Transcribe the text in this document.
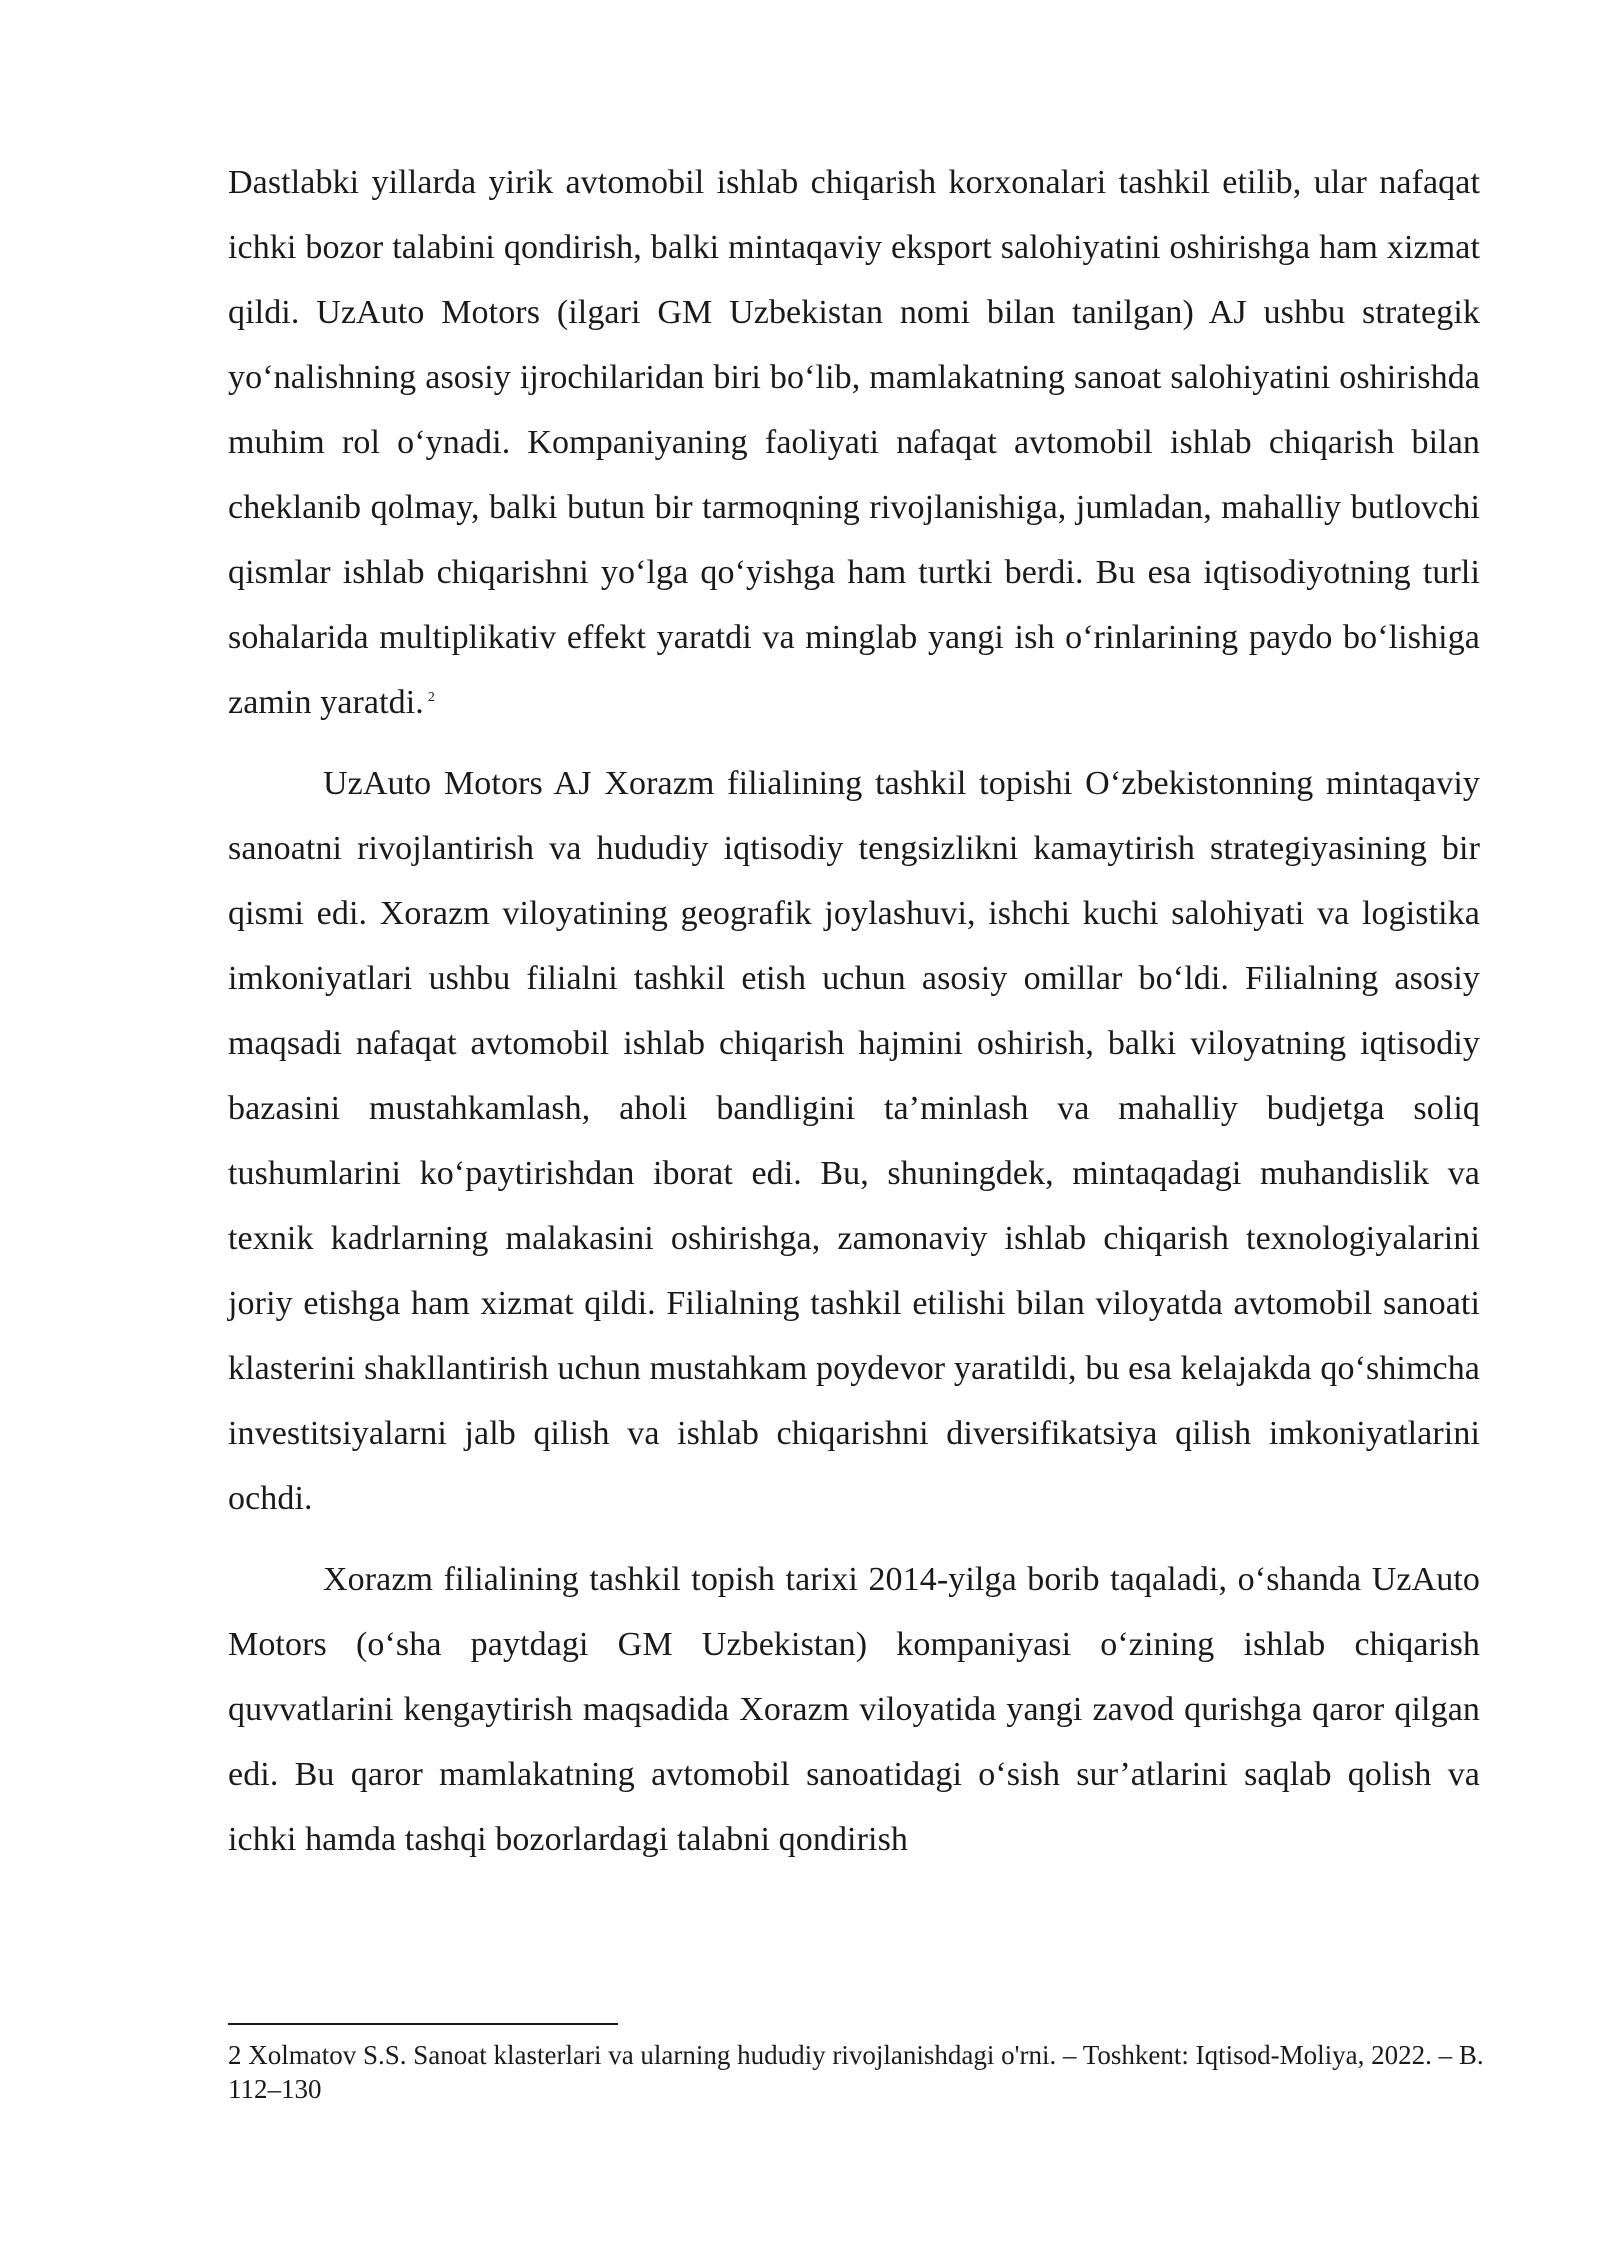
Dastlabki yillarda yirik avtomobil ishlab chiqarish korxonalari tashkil etilib, ular nafaqat ichki bozor talabini qondirish, balki mintaqaviy eksport salohiyatini oshirishga ham xizmat qildi. UzAuto Motors (ilgari GM Uzbekistan nomi bilan tanilgan) AJ ushbu strategik yo‘nalishning asosiy ijrochilaridan biri bo‘lib, mamlakatning sanoat salohiyatini oshirishda muhim rol o‘ynadi. Kompaniyaning faoliyati nafaqat avtomobil ishlab chiqarish bilan cheklanib qolmay, balki butun bir tarmoqning rivojlanishiga, jumladan, mahalliy butlovchi qismlar ishlab chiqarishni yo‘lga qo‘yishga ham turtki berdi. Bu esa iqtisodiyotning turli sohalarida multiplikativ effekt yaratdi va minglab yangi ish o‘rinlarining paydo bo‘lishiga zamin yaratdi. $^2$

UzAuto Motors AJ Xorazm filialining tashkil topishi O‘zbekistonning mintaqaviy sanoatni rivojlantirish va hududiy iqtisodiy tengsizlikni kamaytirish strategiyasining bir qismi edi. Xorazm viloyatining geografik joylashuvi, ishchi kuchi salohiyati va logistika imkoniyatlari ushbu filialni tashkil etish uchun asosiy omillar bo‘ldi. Filialning asosiy maqsadi nafaqat avtomobil ishlab chiqarish hajmini oshirish, balki viloyatning iqtisodiy bazasini mustahkamlash, aholi bandligini ta’minlash va mahalliy budjetga soliq tushumlarini ko‘paytirishdan iborat edi. Bu, shuningdek, mintaqadagi muhandislik va texnik kadrlarning malakasini oshirishga, zamonaviy ishlab chiqarish texnologiyalarini joriy etishga ham xizmat qildi. Filialning tashkil etilishi bilan viloyatda avtomobil sanoati klasterini shakllantirish uchun mustahkam poydevor yaratildi, bu esa kelajakda qo‘shimcha investitsiyalarni jalb qilish va ishlab chiqarishni diversifikatsiya qilish imkoniyatlarini ochdi.

Xorazm filialining tashkil topish tarixi 2014-yilga borib taqaladi, o‘shanda UzAuto Motors (o‘sha paytdagi GM Uzbekistan) kompaniyasi o‘zining ishlab chiqarish quvvatlarini kengaytirish maqsadida Xorazm viloyatida yangi zavod qurishga qaror qilgan edi. Bu qaror mamlakatning avtomobil sanoatidagi o‘sish sur’atlarini saqlab qolish va ichki hamda tashqi bozorlardagi talabni qondirish

2 Xolmatov S.S. Sanoat klasterlari va ularning hududiy rivojlanishdagi o'rni. – Toshkent: Iqtisod-Moliya, 2022. – B. 112–130
